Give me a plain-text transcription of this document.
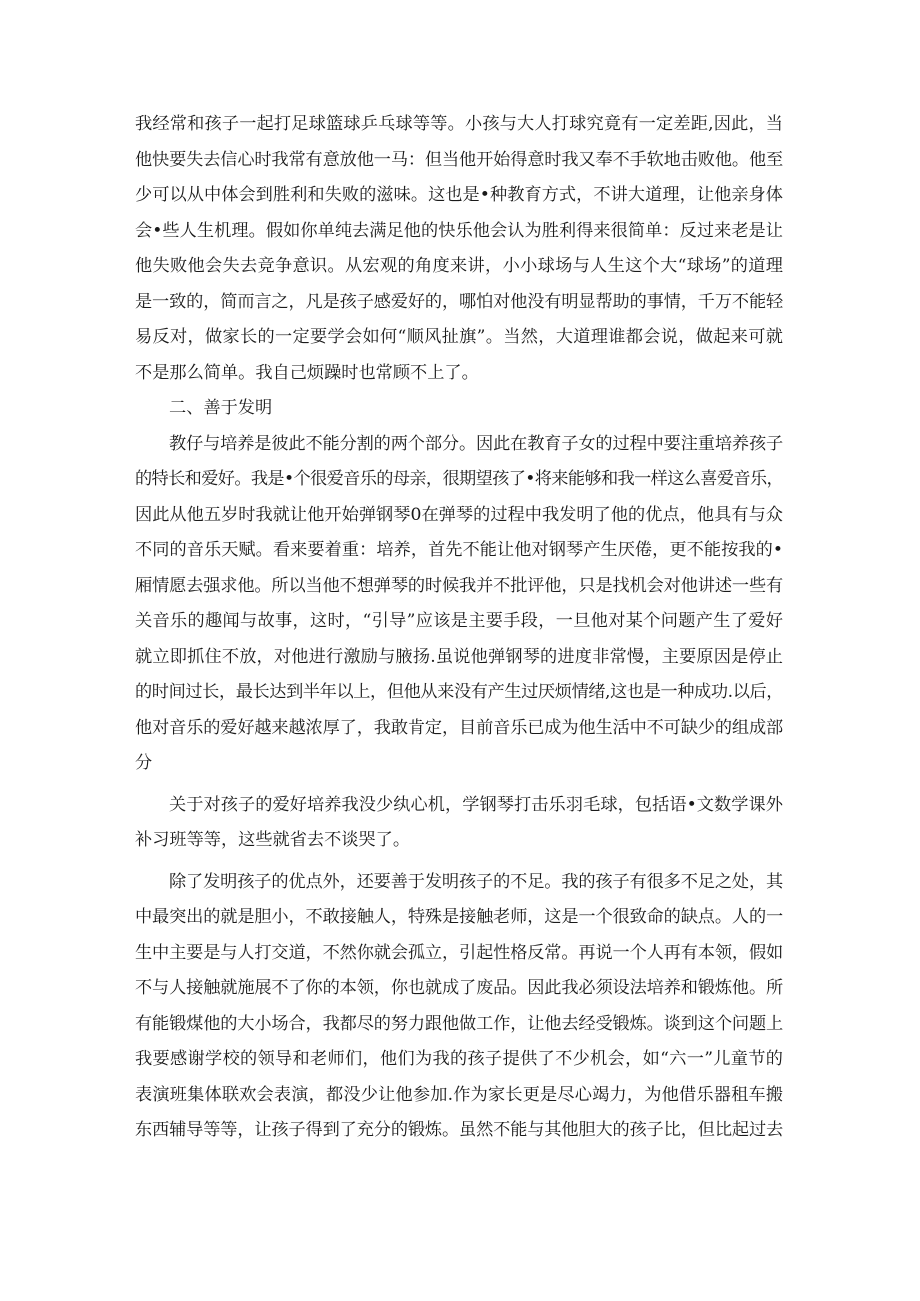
我经常和孩子一起打足球篮球乒乓球等等。小孩与大人打球究竟有一定差距,因此，当
他快要失去信心时我常有意放他一马：但当他开始得意时我又奉不手软地击败他。他至
少可以从中体会到胜利和失败的滋味。这也是•种教育方式，不讲大道理，让他亲身体
会•些人生机理。假如你单纯去满足他的快乐他会认为胜利得来很简单：反过来老是让
他失败他会失去竞争意识。从宏观的角度来讲，小小球场与人生这个大“球场”的道理
是一致的，简而言之，凡是孩子感爱好的，哪怕对他没有明显帮助的事情，千万不能轻
易反对，做家长的一定要学会如何“顺风扯旗”。当然，大道理谁都会说，做起来可就
不是那么简单。我自己烦躁时也常顾不上了。
二、善于发明
教仔与培养是彼此不能分割的两个部分。因此在教育子女的过程中要注重培养孩子
的特长和爱好。我是•个很爱音乐的母亲，很期望孩了•将来能够和我一样这么喜爱音乐，
因此从他五岁时我就让他开始弹钢琴0在弹琴的过程中我发明了他的优点，他具有与众
不同的音乐天赋。看来要着重：培养，首先不能让他对钢琴产生厌倦，更不能按我的•
厢情愿去强求他。所以当他不想弹琴的时候我并不批评他，只是找机会对他讲述一些有
关音乐的趣闻与故事，这时，“引导”应该是主要手段，一旦他对某个问题产生了爱好
就立即抓住不放，对他进行激励与腋扬.虽说他弹钢琴的进度非常慢，主要原因是停止
的时间过长，最长达到半年以上，但他从来没有产生过厌烦情绪,这也是一种成功.以后，
他对音乐的爱好越来越浓厚了，我敢肯定，目前音乐已成为他生活中不可缺少的组成部
分
关于对孩子的爱好培养我没少纨心机，学钢琴打击乐羽毛球，包括语•文数学课外
补习班等等，这些就省去不谈哭了。
除了发明孩子的优点外，还要善于发明孩子的不足。我的孩子有很多不足之处，其
中最突出的就是胆小，不敢接触人，特殊是接触老师，这是一个很致命的缺点。人的一
生中主要是与人打交道，不然你就会孤立，引起性格反常。再说一个人再有本领，假如
不与人接触就施展不了你的本领，你也就成了废品。因此我必须设法培养和锻炼他。所
有能锻煤他的大小场合，我都尽的努力跟他做工作，让他去经受锻炼。谈到这个问题上
我要感谢学校的领导和老师们，他们为我的孩子提供了不少机会，如“六一”儿童节的
表演班集体联欢会表演，都没少让他参加.作为家长更是尽心竭力，为他借乐器租车搬
东西辅导等等，让孩子得到了充分的锻炼。虽然不能与其他胆大的孩子比，但比起过去
